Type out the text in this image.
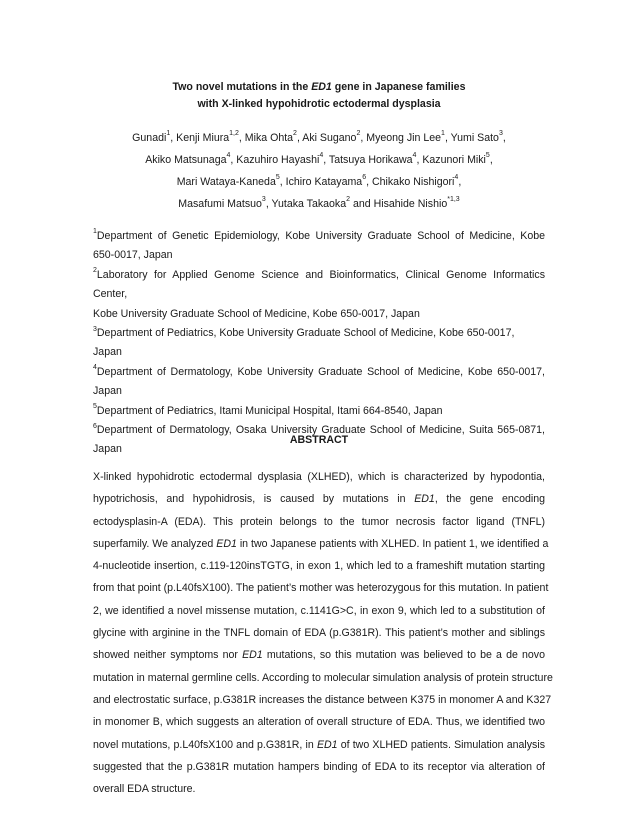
Two novel mutations in the ED1 gene in Japanese families
with X-linked hypohidrotic ectodermal dysplasia
Gunadi$^1$, Kenji Miura$^{1,2}$, Mika Ohta$^2$, Aki Sugano$^2$, Myeong Jin Lee$^1$, Yumi Sato$^3$,
Akiko Matsunaga$^4$, Kazuhiro Hayashi$^4$, Tatsuya Horikawa$^4$, Kazunori Miki$^5$,
Mari Wataya-Kaneda$^5$, Ichiro Katayama$^6$, Chikako Nishigori$^4$,
Masafumi Matsuo$^3$, Yutaka Takaoka$^2$ and Hisahide Nishio$^{*1,3}$
$^1$Department of Genetic Epidemiology, Kobe University Graduate School of Medicine, Kobe
650-0017, Japan
$^2$Laboratory for Applied Genome Science and Bioinformatics, Clinical Genome Informatics Center,
Kobe University Graduate School of Medicine, Kobe 650-0017, Japan
$^3$Department of Pediatrics, Kobe University Graduate School of Medicine, Kobe 650-0017, Japan
$^4$Department of Dermatology, Kobe University Graduate School of Medicine, Kobe 650-0017,
Japan
$^5$Department of Pediatrics, Itami Municipal Hospital, Itami 664-8540, Japan
$^6$Department of Dermatology, Osaka University Graduate School of Medicine, Suita 565-0871,
Japan
ABSTRACT
X-linked hypohidrotic ectodermal dysplasia (XLHED), which is characterized by hypodontia,
hypotrichosis, and hypohidrosis, is caused by mutations in ED1, the gene encoding
ectodysplasin-A (EDA). This protein belongs to the tumor necrosis factor ligand (TNFL)
superfamily. We analyzed ED1 in two Japanese patients with XLHED. In patient 1, we identified a
4-nucleotide insertion, c.119-120insTGTG, in exon 1, which led to a frameshift mutation starting
from that point (p.L40fsX100). The patient’s mother was heterozygous for this mutation. In patient
2, we identified a novel missense mutation, c.1141G>C, in exon 9, which led to a substitution of
glycine with arginine in the TNFL domain of EDA (p.G381R). This patient’s mother and siblings
showed neither symptoms nor ED1 mutations, so this mutation was believed to be a de novo
mutation in maternal germline cells. According to molecular simulation analysis of protein structure
and electrostatic surface, p.G381R increases the distance between K375 in monomer A and K327
in monomer B, which suggests an alteration of overall structure of EDA. Thus, we identified two
novel mutations, p.L40fsX100 and p.G381R, in ED1 of two XLHED patients. Simulation analysis
suggested that the p.G381R mutation hampers binding of EDA to its receptor via alteration of
overall EDA structure.
